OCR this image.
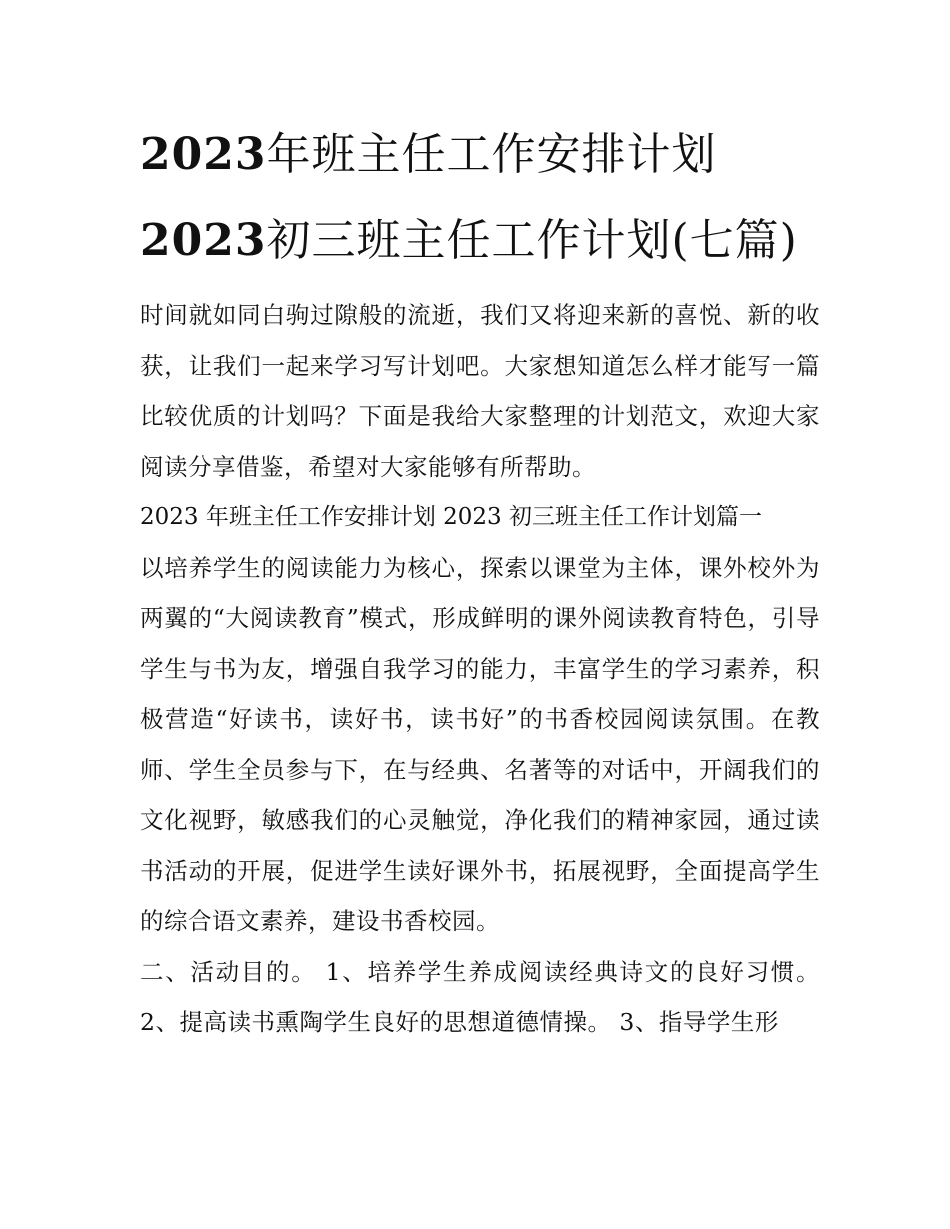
2023年班主任工作安排计划 2023初三班主任工作计划(七篇)

时间就如同白驹过隙般的流逝，我们又将迎来新的喜悦、新的收获，让我们一起来学习写计划吧。大家想知道怎么样才能写一篇比较优质的计划吗？下面是我给大家整理的计划范文，欢迎大家阅读分享借鉴，希望对大家能够有所帮助。

2023 年班主任工作安排计划 2023 初三班主任工作计划篇一

以培养学生的阅读能力为核心，探索以课堂为主体，课外校外为两翼的“大阅读教育”模式，形成鲜明的课外阅读教育特色，引导学生与书为友，增强自我学习的能力，丰富学生的学习素养，积极营造“好读书，读好书，读书好”的书香校园阅读氛围。在教师、学生全员参与下，在与经典、名著等的对话中，开阔我们的文化视野，敏感我们的心灵触觉，净化我们的精神家园，通过读书活动的开展，促进学生读好课外书，拓展视野，全面提高学生的综合语文素养，建设书香校园。

二、活动目的。 1、培养学生养成阅读经典诗文的良好习惯。 2、提高读书熏陶学生良好的思想道德情操。 3、指导学生形
